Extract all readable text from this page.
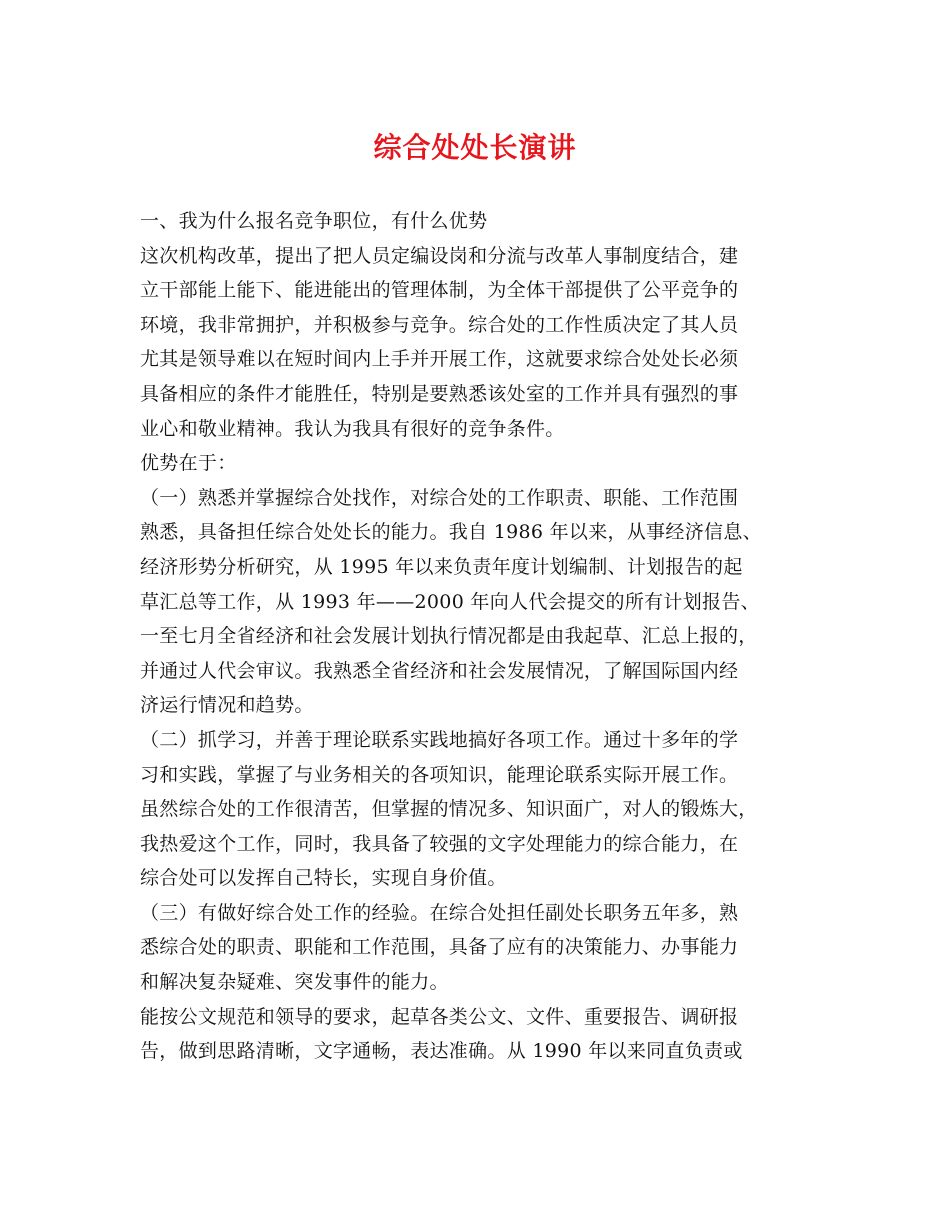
综合处处长演讲
一、我为什么报名竞争职位，有什么优势
这次机构改革，提出了把人员定编设岗和分流与改革人事制度结合，建
立干部能上能下、能进能出的管理体制，为全体干部提供了公平竞争的
环境，我非常拥护，并积极参与竞争。综合处的工作性质决定了其人员
尤其是领导难以在短时间内上手并开展工作，这就要求综合处处长必须
具备相应的条件才能胜任，特别是要熟悉该处室的工作并具有强烈的事
业心和敬业精神。我认为我具有很好的竞争条件。
优势在于：
（一）熟悉并掌握综合处找作，对综合处的工作职责、职能、工作范围
熟悉，具备担任综合处处长的能力。我自 1986 年以来，从事经济信息、
经济形势分析研究，从 1995 年以来负责年度计划编制、计划报告的起
草汇总等工作，从 1993 年——2000 年向人代会提交的所有计划报告、
一至七月全省经济和社会发展计划执行情况都是由我起草、汇总上报的，
并通过人代会审议。我熟悉全省经济和社会发展情况，了解国际国内经
济运行情况和趋势。
（二）抓学习，并善于理论联系实践地搞好各项工作。通过十多年的学
习和实践，掌握了与业务相关的各项知识，能理论联系实际开展工作。
虽然综合处的工作很清苦，但掌握的情况多、知识面广，对人的锻炼大，
我热爱这个工作，同时，我具备了较强的文字处理能力的综合能力，在
综合处可以发挥自己特长，实现自身价值。
（三）有做好综合处工作的经验。在综合处担任副处长职务五年多，熟
悉综合处的职责、职能和工作范围，具备了应有的决策能力、办事能力
和解决复杂疑难、突发事件的能力。
能按公文规范和领导的要求，起草各类公文、文件、重要报告、调研报
告，做到思路清晰，文字通畅，表达准确。从 1990 年以来同直负责或
